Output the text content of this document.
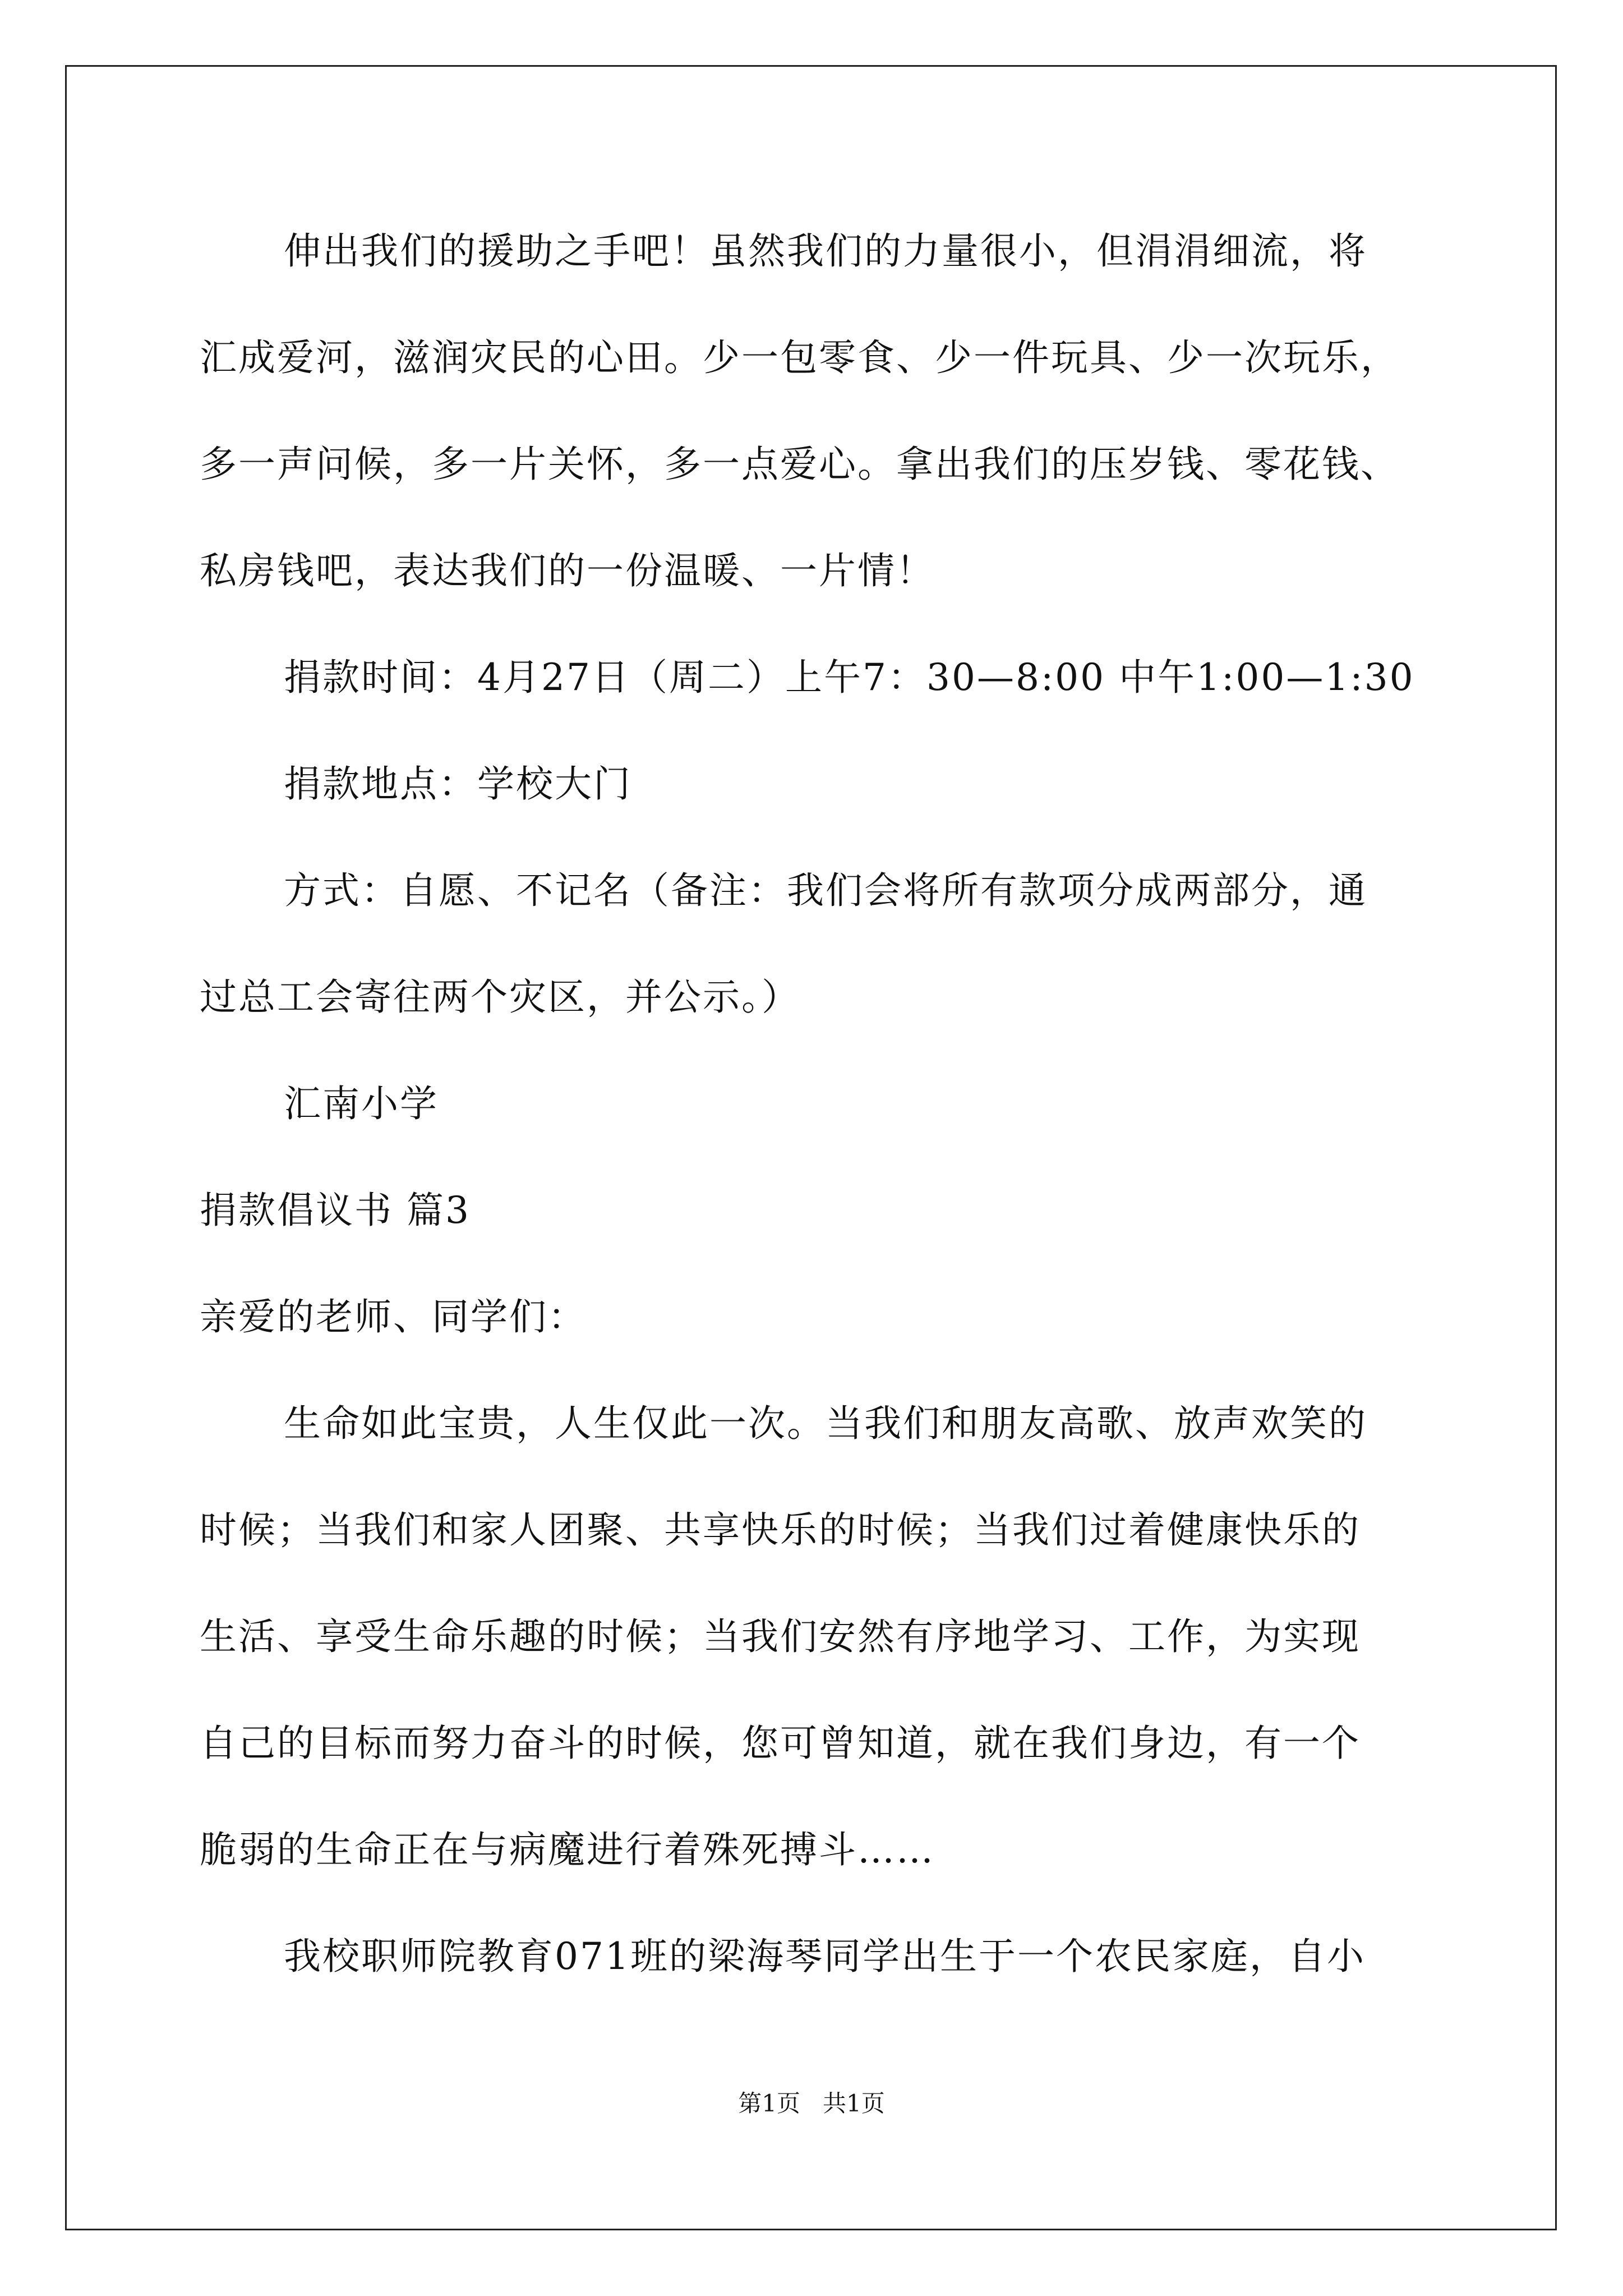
伸出我们的援助之手吧！虽然我们的力量很小，但涓涓细流，将
汇成爱河，滋润灾民的心田。少一包零食、少一件玩具、少一次玩乐，
多一声问候，多一片关怀，多一点爱心。拿出我们的压岁钱、零花钱、
私房钱吧，表达我们的一份温暖、一片情！
捐款时间：4月27日（周二）上午7：30—8:00 中午1:00—1:30
捐款地点：学校大门
方式：自愿、不记名（备注：我们会将所有款项分成两部分，通
过总工会寄往两个灾区，并公示。）
汇南小学
捐款倡议书 篇3
亲爱的老师、同学们：
生命如此宝贵，人生仅此一次。当我们和朋友高歌、放声欢笑的
时候；当我们和家人团聚、共享快乐的时候；当我们过着健康快乐的
生活、享受生命乐趣的时候；当我们安然有序地学习、工作，为实现
自己的目标而努力奋斗的时候，您可曾知道，就在我们身边，有一个
脆弱的生命正在与病魔进行着殊死搏斗……
我校职师院教育071班的梁海琴同学出生于一个农民家庭，自小
第1页   共1页
